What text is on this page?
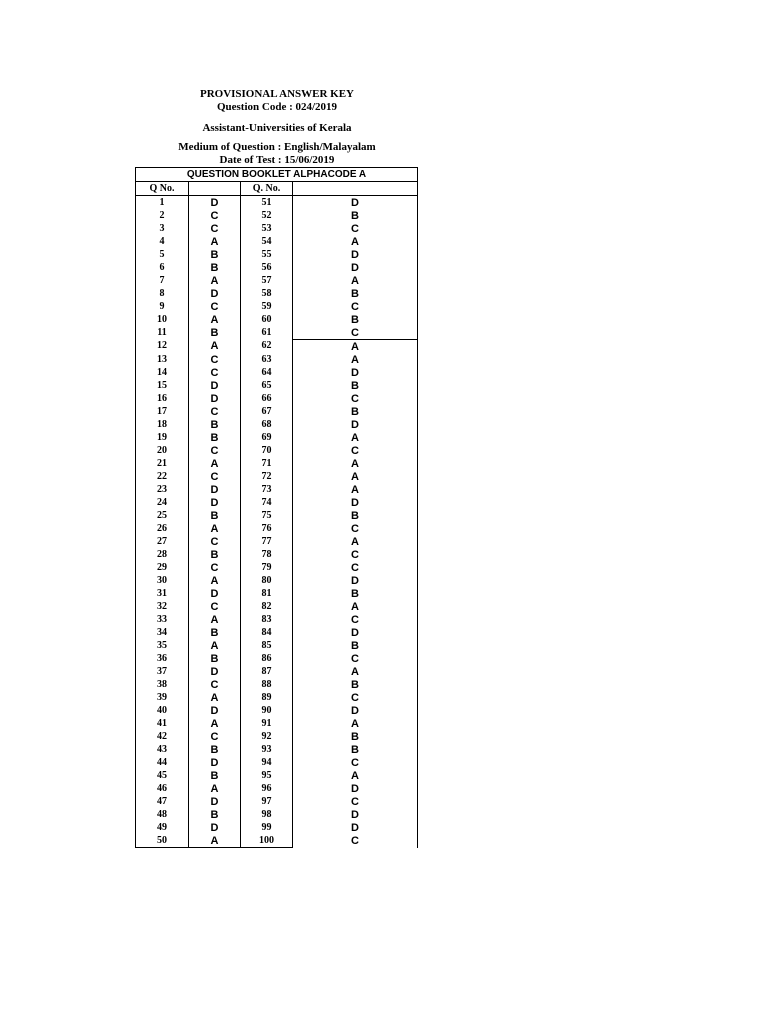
PROVISIONAL ANSWER KEY
Question Code : 024/2019
Assistant-Universities of Kerala
Medium of Question : English/Malayalam
Date of Test : 15/06/2019
QUESTION BOOKLET ALPHACODE A			
Q No.		Q. No.	
1	D	51	D
2	C	52	B
3	C	53	C
4	A	54	A
5	B	55	D
6	B	56	D
7	A	57	A
8	D	58	B
9	C	59	C
10	A	60	B
11	B	61	C
12	A	62	A
13	C	63	A
14	C	64	D
15	D	65	B
16	D	66	C
17	C	67	B
18	B	68	D
19	B	69	A
20	C	70	C
21	A	71	A
22	C	72	A
23	D	73	A
24	D	74	D
25	B	75	B
26	A	76	C
27	C	77	A
28	B	78	C
29	C	79	C
30	A	80	D
31	D	81	B
32	C	82	A
33	A	83	C
34	B	84	D
35	A	85	B
36	B	86	C
37	D	87	A
38	C	88	B
39	A	89	C
40	D	90	D
41	A	91	A
42	C	92	B
43	B	93	B
44	D	94	C
45	B	95	A
46	A	96	D
47	D	97	C
48	B	98	D
49	D	99	D
50	A	100	C
